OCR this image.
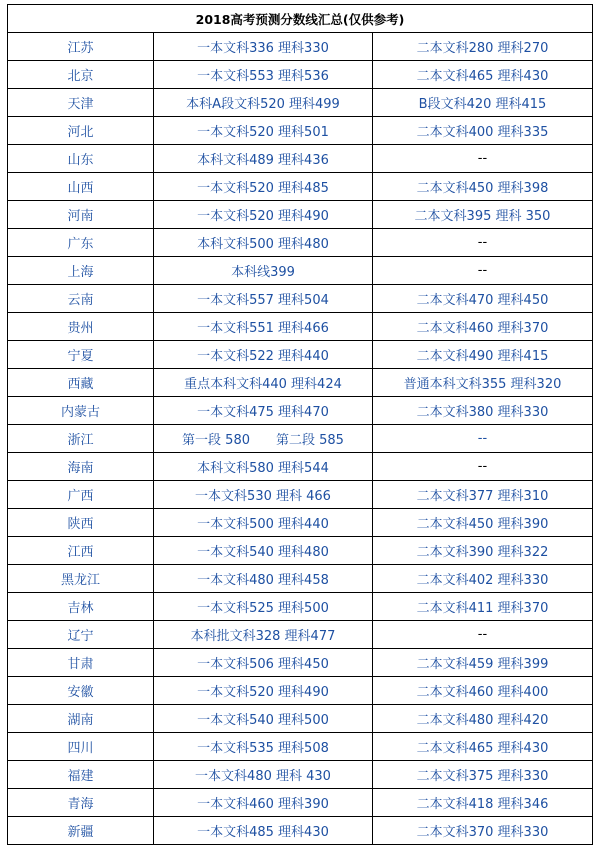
2018高考预测分数线汇总(仅供参考)		
江苏	一本文科336 理科330	二本文科280 理科270
北京	一本文科553 理科536	二本文科465 理科430
天津	本科A段文科520 理科499	B段文科420 理科415
河北	一本文科520 理科501	二本文科400 理科335
山东	本科文科489 理科436	--
山西	一本文科520 理科485	二本文科450 理科398
河南	一本文科520 理科490	二本文科395 理科 350
广东	本科文科500 理科480	--
上海	本科线399	--
云南	一本文科557 理科504	二本文科470 理科450
贵州	一本文科551 理科466	二本文科460 理科370
宁夏	一本文科522 理科440	二本文科490 理科415
西藏	重点本科文科440 理科424	普通本科文科355 理科320
内蒙古	一本文科475 理科470	二本文科380 理科330
浙江	第一段 580　　第二段 585	--
海南	本科文科580 理科544	--
广西	一本文科530 理科 466	二本文科377 理科310
陕西	一本文科500 理科440	二本文科450 理科390
江西	一本文科540 理科480	二本文科390 理科322
黑龙江	一本文科480 理科458	二本文科402 理科330
吉林	一本文科525 理科500	二本文科411 理科370
辽宁	本科批文科328 理科477	--
甘肃	一本文科506 理科450	二本文科459 理科399
安徽	一本文科520 理科490	二本文科460 理科400
湖南	一本文科540 理科500	二本文科480 理科420
四川	一本文科535 理科508	二本文科465 理科430
福建	一本文科480 理科 430	二本文科375 理科330
青海	一本文科460 理科390	二本文科418 理科346
新疆	一本文科485 理科430	二本文科370 理科330
